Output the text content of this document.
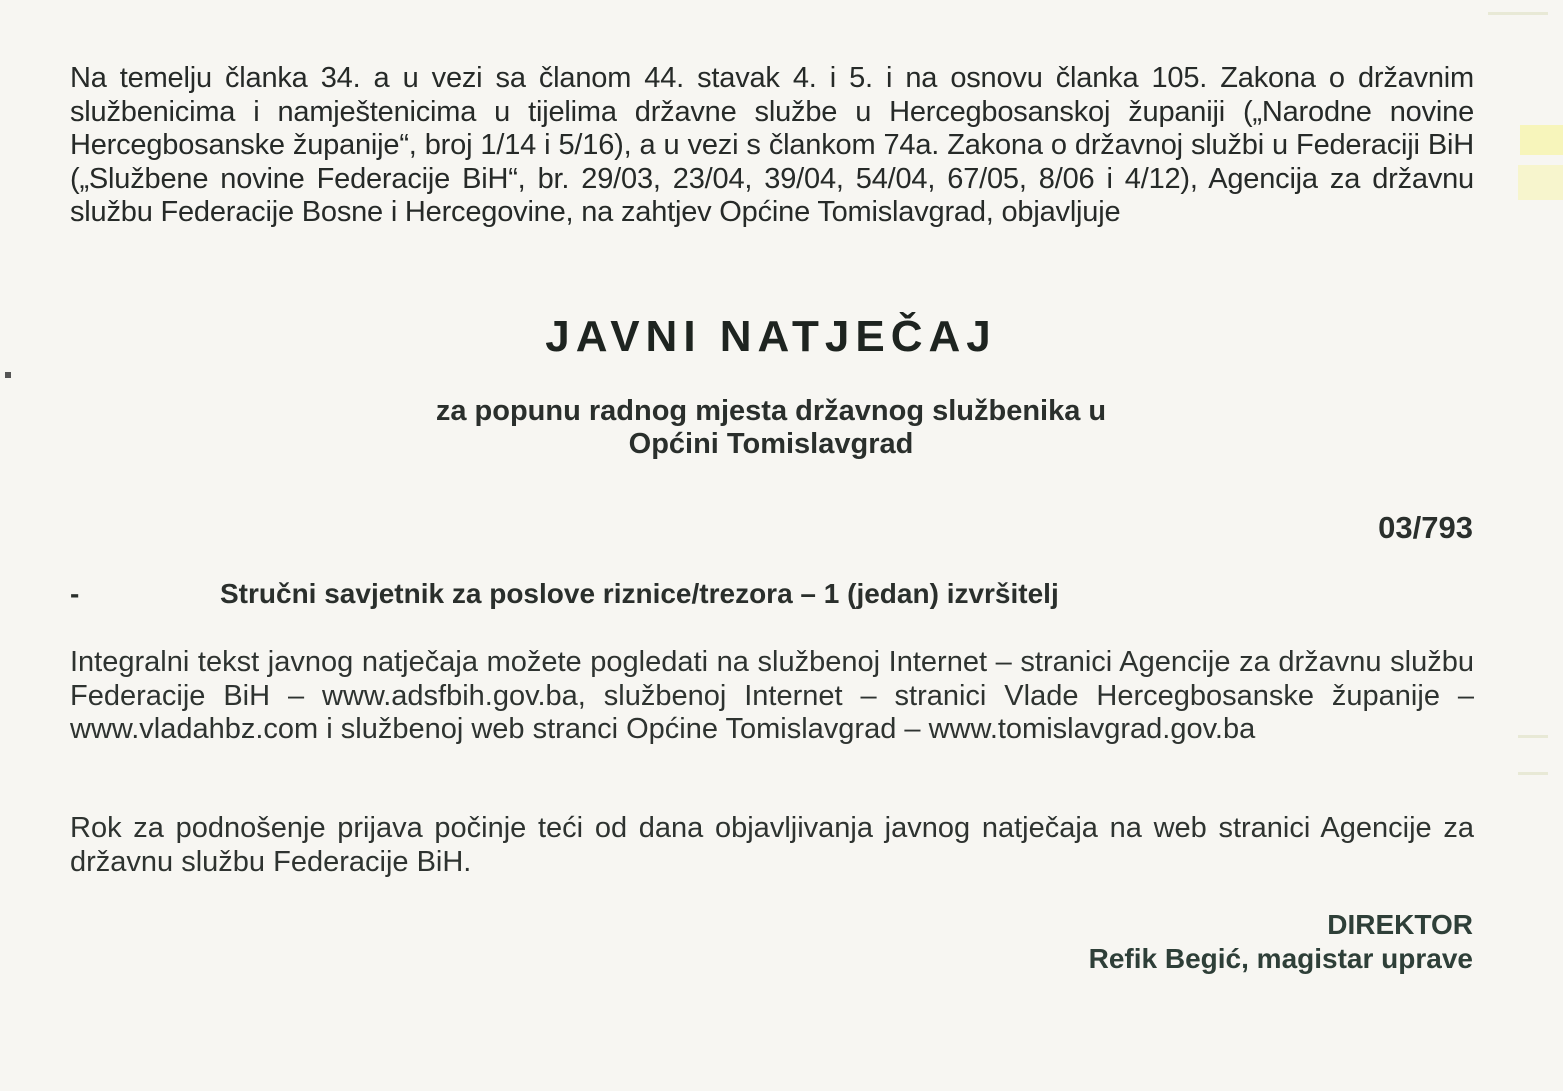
Na temelju članka 34. a u vezi sa članom 44. stavak 4. i 5. i na osnovu članka 105. Zakona o državnim službenicima i namještenicima u tijelima državne službe u Hercegbosanskoj županiji („Narodne novine Hercegbosanske županije“, broj 1/14 i 5/16), a u vezi s člankom 74a. Zakona o državnoj službi u Federaciji BiH („Službene novine Federacije BiH“, br. 29/03, 23/04, 39/04, 54/04, 67/05, 8/06 i 4/12), Agencija za državnu službu Federacije Bosne i Hercegovine, na zahtjev Općine Tomislavgrad, objavljuje
JAVNI NATJEČAJ
za popunu radnog mjesta državnog službenika u
Općini Tomislavgrad
03/793
-	Stručni savjetnik za poslove riznice/trezora – 1 (jedan) izvršitelj
Integralni tekst javnog natječaja možete pogledati na službenoj Internet – stranici Agencije za državnu službu Federacije BiH – www.adsfbih.gov.ba, službenoj Internet – stranici Vlade Hercegbosanske županije – www.vladahbz.com i službenoj web stranci Općine Tomislavgrad – www.tomislavgrad.gov.ba
Rok za podnošenje prijava počinje teći od dana objavljivanja javnog natječaja na web stranici Agencije za državnu službu Federacije BiH.
DIREKTOR
Refik Begić, magistar uprave
